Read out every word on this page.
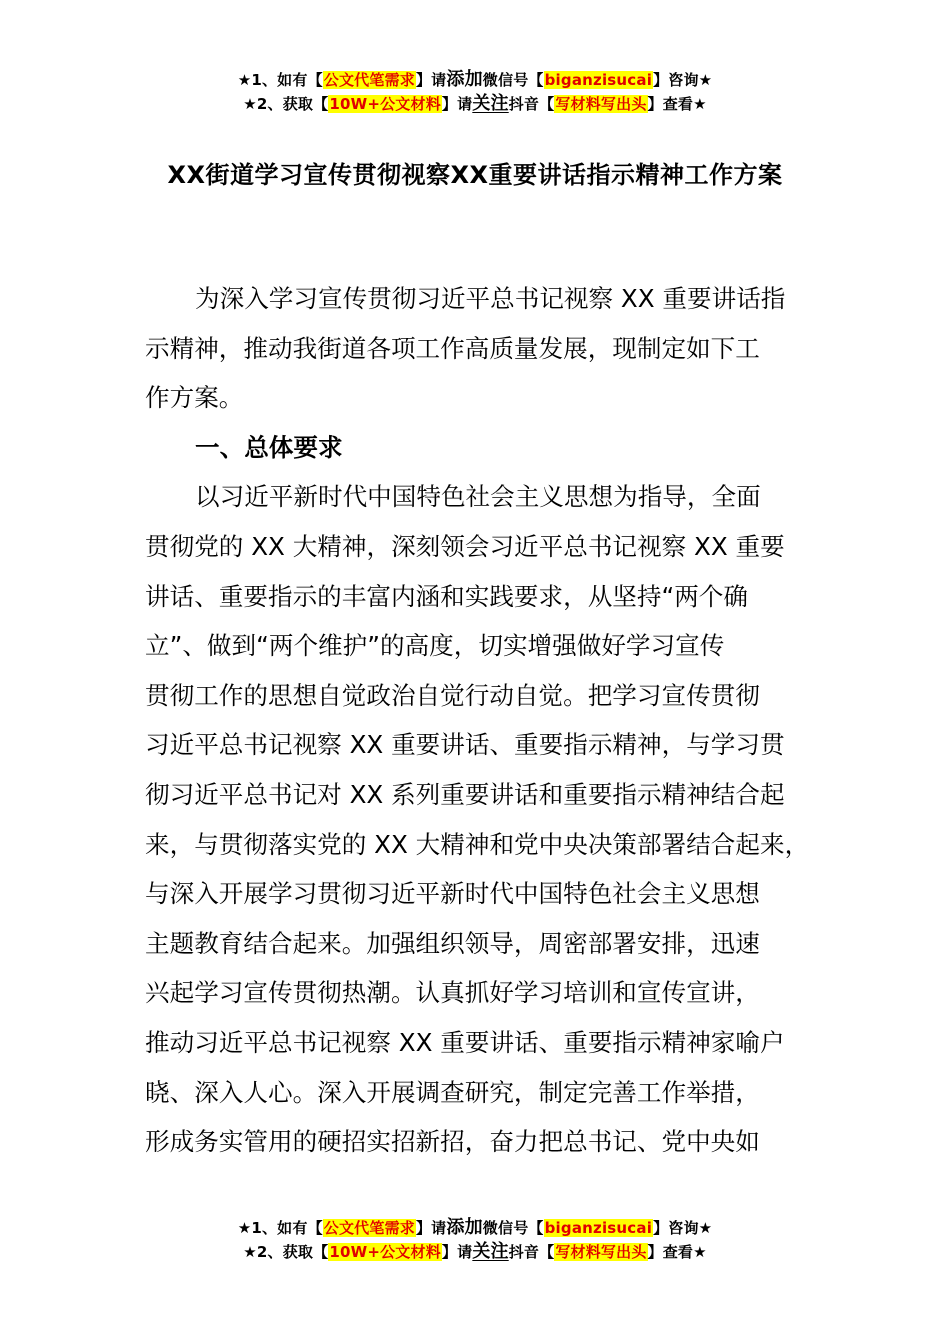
★1、如有【公文代笔需求】请添加微信号【biganzisucai】咨询★
★2、获取【10W+公文材料】请关注抖音【写材料写出头】查看★
XX街道学习宣传贯彻视察XX重要讲话指示精神工作方案
为深入学习宣传贯彻习近平总书记视察 XX 重要讲话指
示精神，推动我街道各项工作高质量发展，现制定如下工
作方案。
一、总体要求
以习近平新时代中国特色社会主义思想为指导，全面
贯彻党的 XX 大精神，深刻领会习近平总书记视察 XX 重要
讲话、重要指示的丰富内涵和实践要求，从坚持“两个确
立”、做到“两个维护”的高度，切实增强做好学习宣传
贯彻工作的思想自觉政治自觉行动自觉。把学习宣传贯彻
习近平总书记视察 XX 重要讲话、重要指示精神，与学习贯
彻习近平总书记对 XX 系列重要讲话和重要指示精神结合起
来，与贯彻落实党的 XX 大精神和党中央决策部署结合起来，
与深入开展学习贯彻习近平新时代中国特色社会主义思想
主题教育结合起来。加强组织领导，周密部署安排，迅速
兴起学习宣传贯彻热潮。认真抓好学习培训和宣传宣讲，
推动习近平总书记视察 XX 重要讲话、重要指示精神家喻户
晓、深入人心。深入开展调查研究，制定完善工作举措，
形成务实管用的硬招实招新招，奋力把总书记、党中央如
★1、如有【公文代笔需求】请添加微信号【biganzisucai】咨询★
★2、获取【10W+公文材料】请关注抖音【写材料写出头】查看★
